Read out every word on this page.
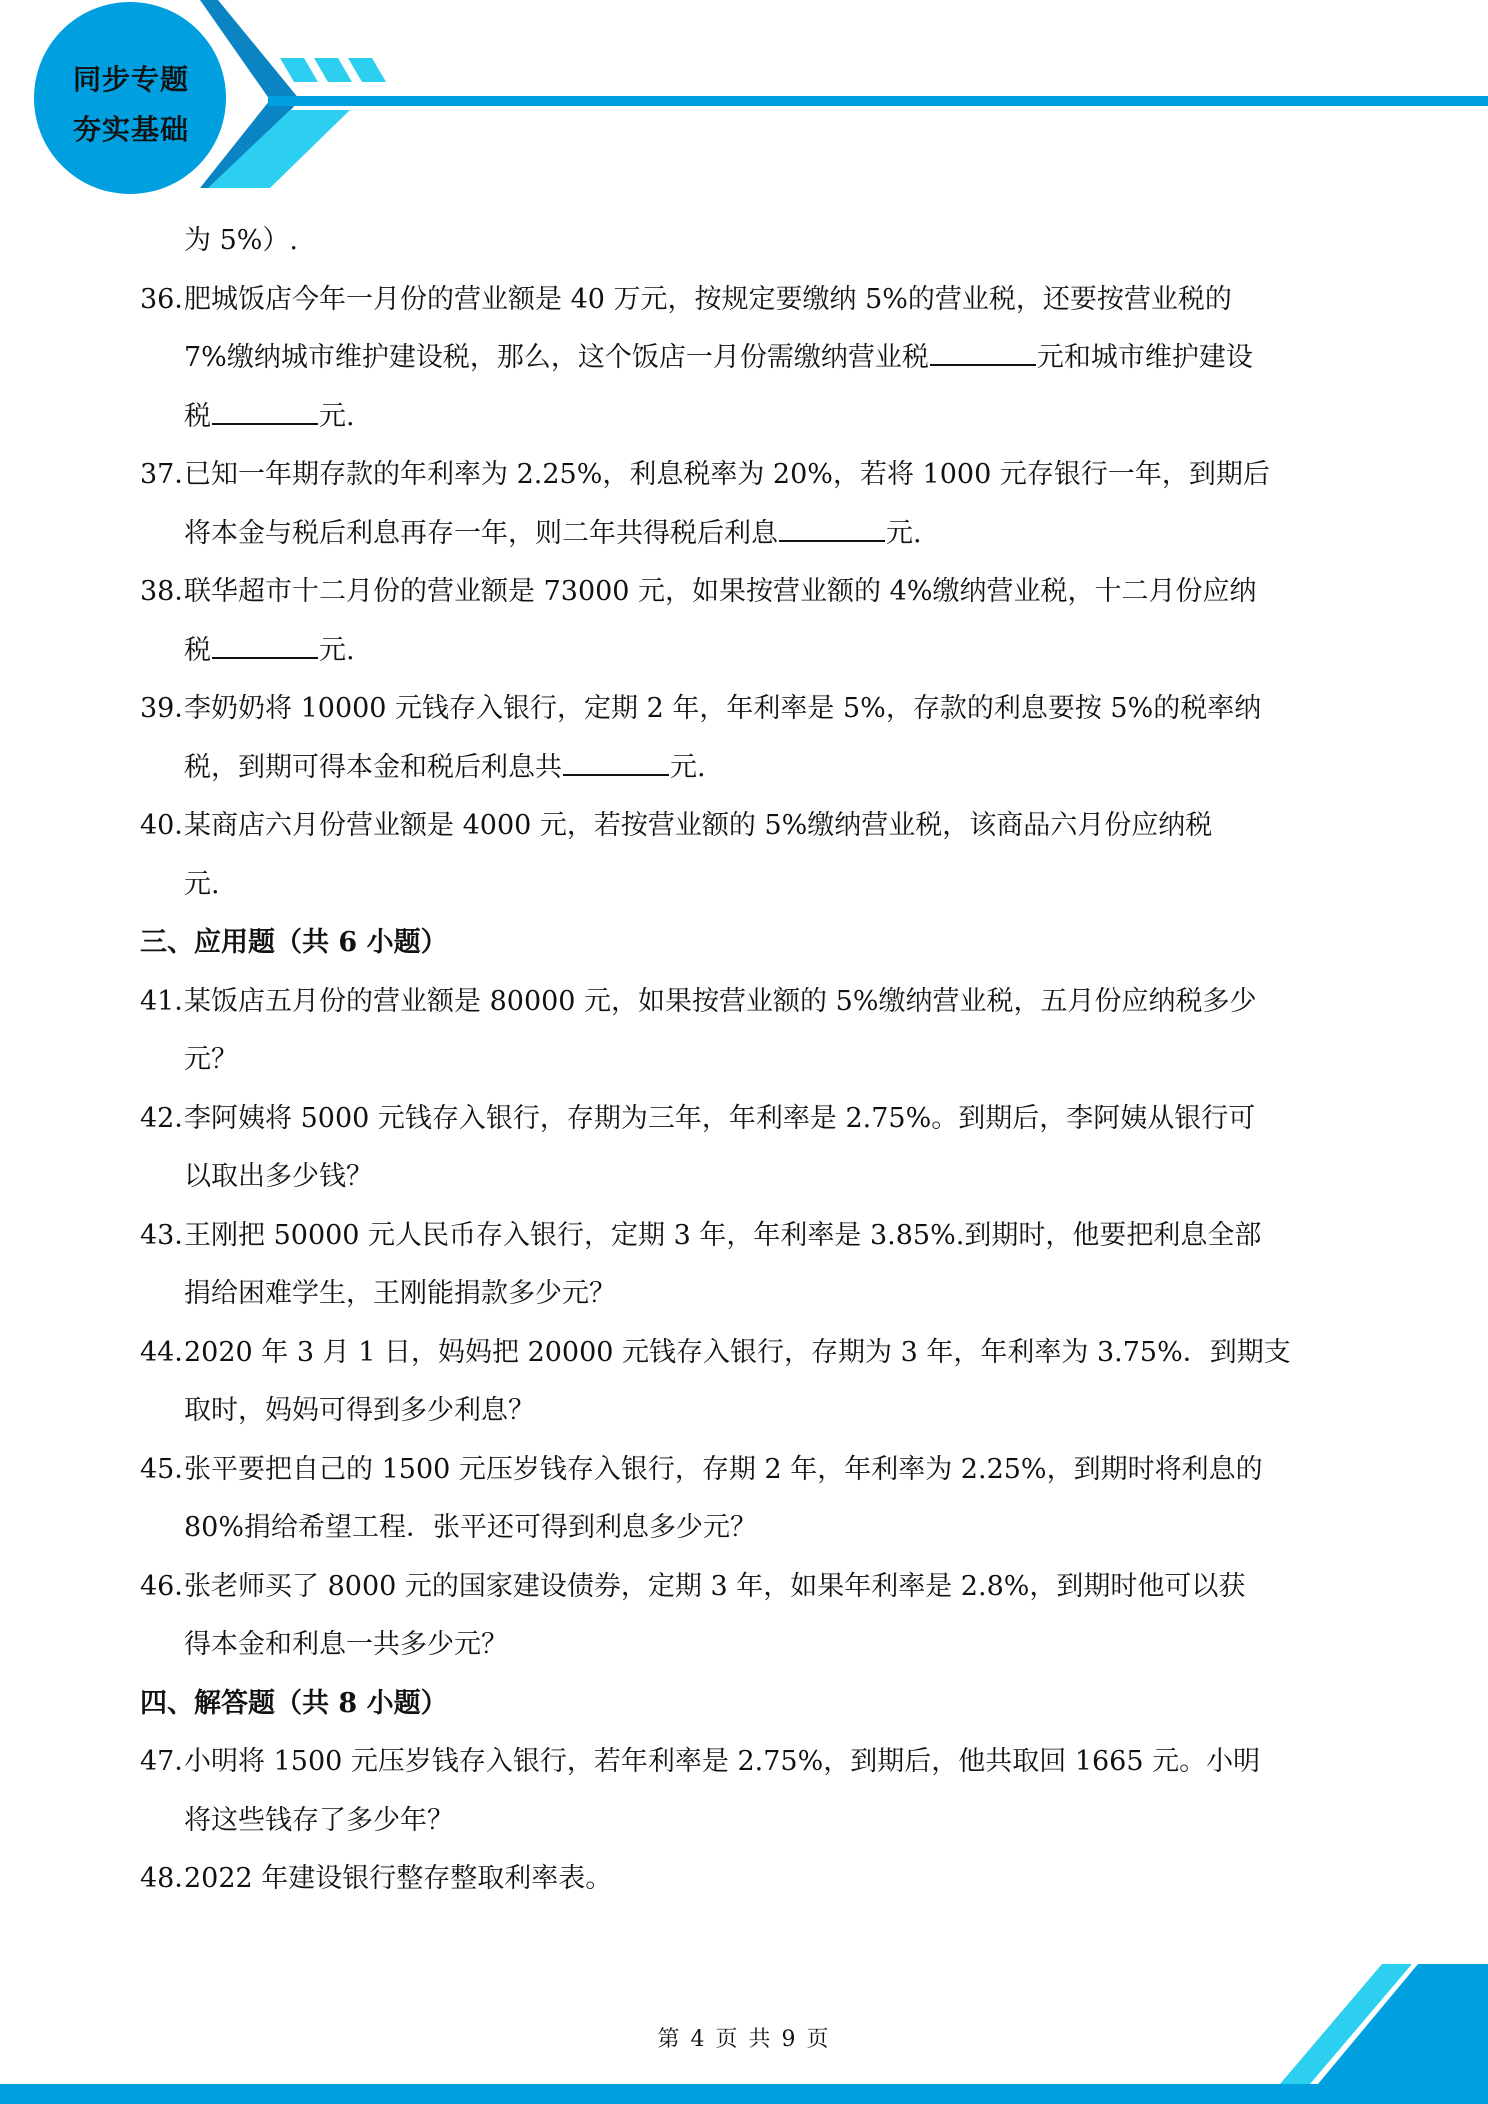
同步专题
夯实基础
为 5%）.
36．
肥城饭店今年一月份的营业额是 40 万元，按规定要缴纳 5%的营业税，还要按营业税的
7%缴纳城市维护建设税，那么，这个饭店一月份需缴纳营业税	元和城市维护建设
税	元.
37．
已知一年期存款的年利率为 2.25%，利息税率为 20%，若将 1000 元存银行一年，到期后
将本金与税后利息再存一年，则二年共得税后利息	元.
38．
联华超市十二月份的营业额是 73000 元，如果按营业额的 4%缴纳营业税，十二月份应纳
税	元.
39．
李奶奶将 10000 元钱存入银行，定期 2 年，年利率是 5%，存款的利息要按 5%的税率纳
税，到期可得本金和税后利息共	元.
40．
某商店六月份营业额是 4000 元，若按营业额的 5%缴纳营业税，该商品六月份应纳税
元.
三、应用题（共 6 小题）
41．
某饭店五月份的营业额是 80000 元，如果按营业额的 5%缴纳营业税，五月份应纳税多少
元？
42．
李阿姨将 5000 元钱存入银行，存期为三年，年利率是 2.75%。到期后，李阿姨从银行可
以取出多少钱？
43．
王刚把 50000 元人民币存入银行，定期 3 年，年利率是 3.85%.到期时，他要把利息全部
捐给困难学生，王刚能捐款多少元？
44．
2020 年 3 月 1 日，妈妈把 20000 元钱存入银行，存期为 3 年，年利率为 3.75%．到期支
取时，妈妈可得到多少利息？
45．
张平要把自己的 1500 元压岁钱存入银行，存期 2 年，年利率为 2.25%，到期时将利息的
80%捐给希望工程．张平还可得到利息多少元？
46．
张老师买了 8000 元的国家建设债券，定期 3 年，如果年利率是 2.8%，到期时他可以获
得本金和利息一共多少元？
四、解答题（共 8 小题）
47．
小明将 1500 元压岁钱存入银行，若年利率是 2.75%，到期后，他共取回 1665 元。小明
将这些钱存了多少年？
48．
2022 年建设银行整存整取利率表。
第 4 页 共 9 页
